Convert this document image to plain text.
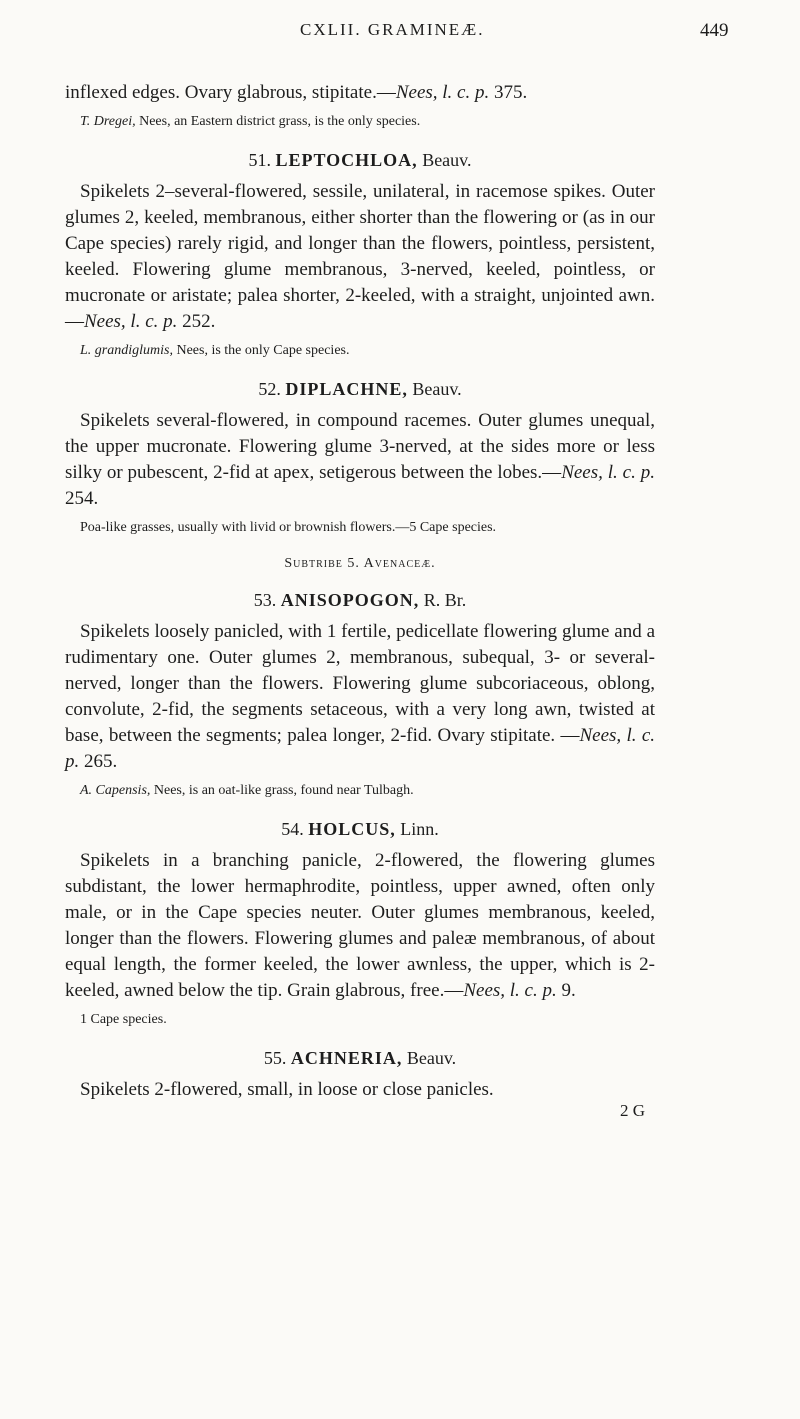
CXLII. GRAMINEÆ.	449

inflexed edges. Ovary glabrous, stipitate.—Nees, l. c. p. 375.

T. Dregei, Nees, an Eastern district grass, is the only species.

51. LEPTOCHLOA, Beauv.

Spikelets 2–several-flowered, sessile, unilateral, in racemose spikes. Outer glumes 2, keeled, membranous, either shorter than the flowering or (as in our Cape species) rarely rigid, and longer than the flowers, pointless, persistent, keeled. Flowering glume membranous, 3-nerved, keeled, pointless, or mucronate or aristate; palea shorter, 2-keeled, with a straight, unjointed awn.—Nees, l. c. p. 252.

L. grandiglumis, Nees, is the only Cape species.

52. DIPLACHNE, Beauv.

Spikelets several-flowered, in compound racemes. Outer glumes unequal, the upper mucronate. Flowering glume 3-nerved, at the sides more or less silky or pubescent, 2-fid at apex, setigerous between the lobes.—Nees, l. c. p. 254.

Poa-like grasses, usually with livid or brownish flowers.—5 Cape species.

Subtribe 5. Avenaceæ.
53. ANISOPOGON, R. Br.

Spikelets loosely panicled, with 1 fertile, pedicellate flowering glume and a rudimentary one. Outer glumes 2, membranous, subequal, 3- or several-nerved, longer than the flowers. Flowering glume subcoriaceous, oblong, convolute, 2-fid, the segments setaceous, with a very long awn, twisted at base, between the segments; palea longer, 2-fid. Ovary stipitate. —Nees, l. c. p. 265.

A. Capensis, Nees, is an oat-like grass, found near Tulbagh.

54. HOLCUS, Linn.

Spikelets in a branching panicle, 2-flowered, the flowering glumes subdistant, the lower hermaphrodite, pointless, upper awned, often only male, or in the Cape species neuter. Outer glumes membranous, keeled, longer than the flowers. Flowering glumes and paleæ membranous, of about equal length, the former keeled, the lower awnless, the upper, which is 2-keeled, awned below the tip. Grain glabrous, free.—Nees, l. c. p. 9.

1 Cape species.

55. ACHNERIA, Beauv.

Spikelets 2-flowered, small, in loose or close panicles.

2 G
